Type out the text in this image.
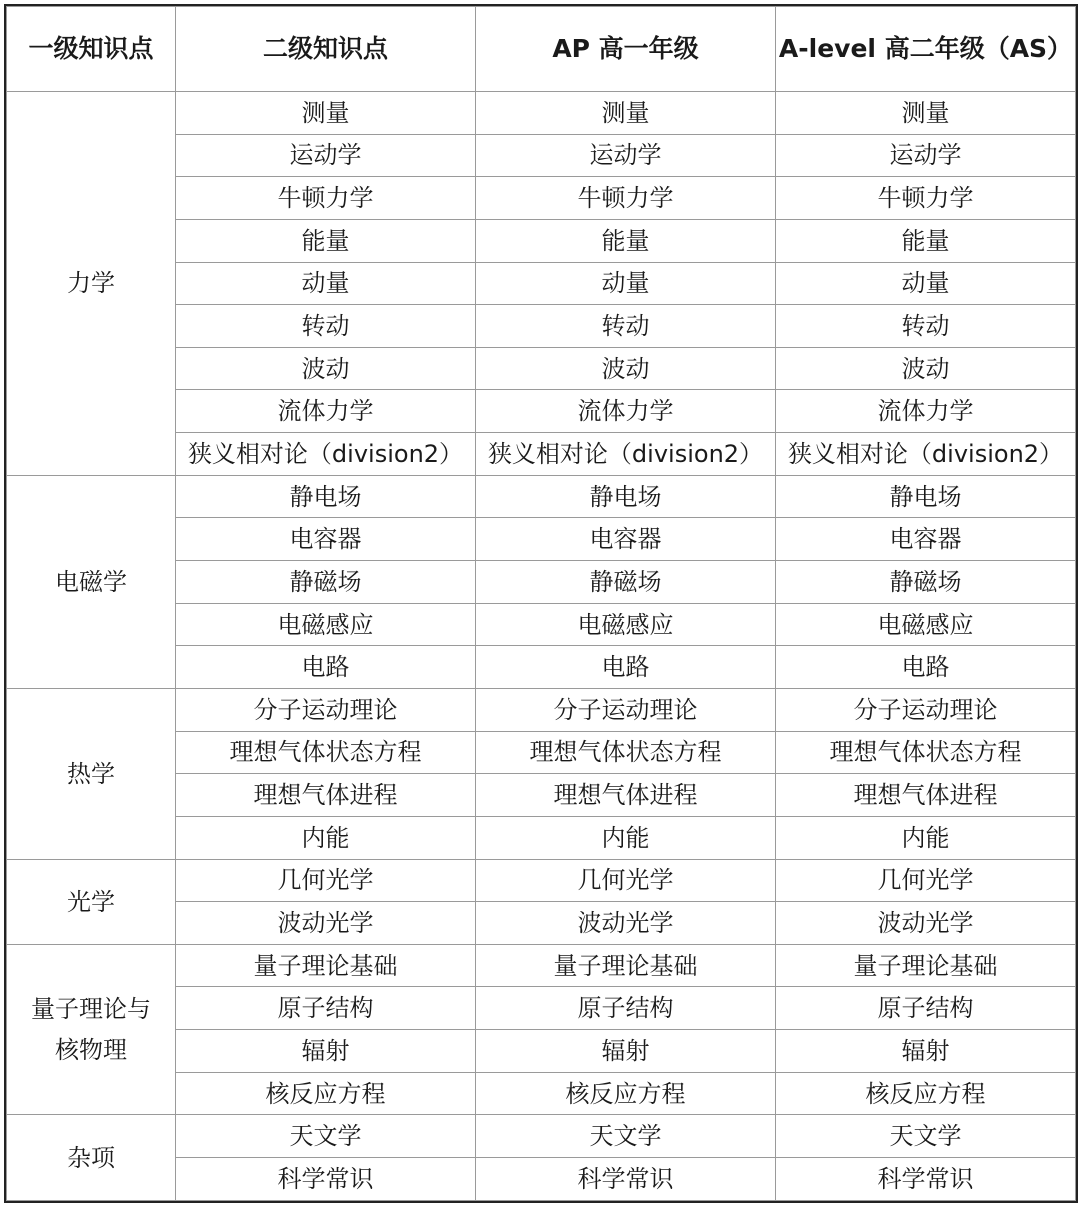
一级知识点	二级知识点	AP 高一年级	A-level 高二年级（AS）
力学	测量	测量	测量
	运动学	运动学	运动学
	牛顿力学	牛顿力学	牛顿力学
	能量	能量	能量
	动量	动量	动量
	转动	转动	转动
	波动	波动	波动
	流体力学	流体力学	流体力学
	狭义相对论（division2）	狭义相对论（division2）	狭义相对论（division2）
电磁学	静电场	静电场	静电场
	电容器	电容器	电容器
	静磁场	静磁场	静磁场
	电磁感应	电磁感应	电磁感应
	电路	电路	电路
热学	分子运动理论	分子运动理论	分子运动理论
	理想气体状态方程	理想气体状态方程	理想气体状态方程
	理想气体进程	理想气体进程	理想气体进程
	内能	内能	内能
光学	几何光学	几何光学	几何光学
	波动光学	波动光学	波动光学
量子理论与核物理	量子理论基础	量子理论基础	量子理论基础
	原子结构	原子结构	原子结构
	辐射	辐射	辐射
	核反应方程	核反应方程	核反应方程
杂项	天文学	天文学	天文学
	科学常识	科学常识	科学常识
